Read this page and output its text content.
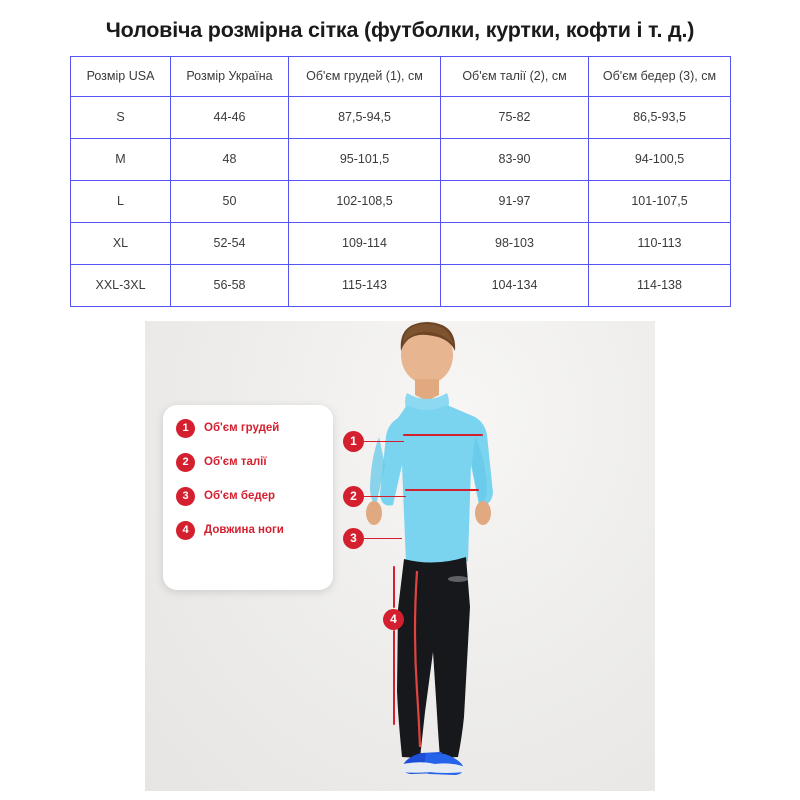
Чоловіча розмірна сітка (футболки, куртки, кофти і т. д.)
Розмір USA	Розмір Україна	Об'єм грудей (1), см	Об'єм талії (2), см	Об'єм бедер (3), см
S	44-46	87,5-94,5	75-82	86,5-93,5
M	48	95-101,5	83-90	94-100,5
L	50	102-108,5	91-97	101-107,5
XL	52-54	109-114	98-103	110-113
XXL-3XL	56-58	115-143	104-134	114-138
1	Об'єм грудей
2	Об'єм талії
3	Об'єм бедер
4	Довжина ноги
1
2
3
4
